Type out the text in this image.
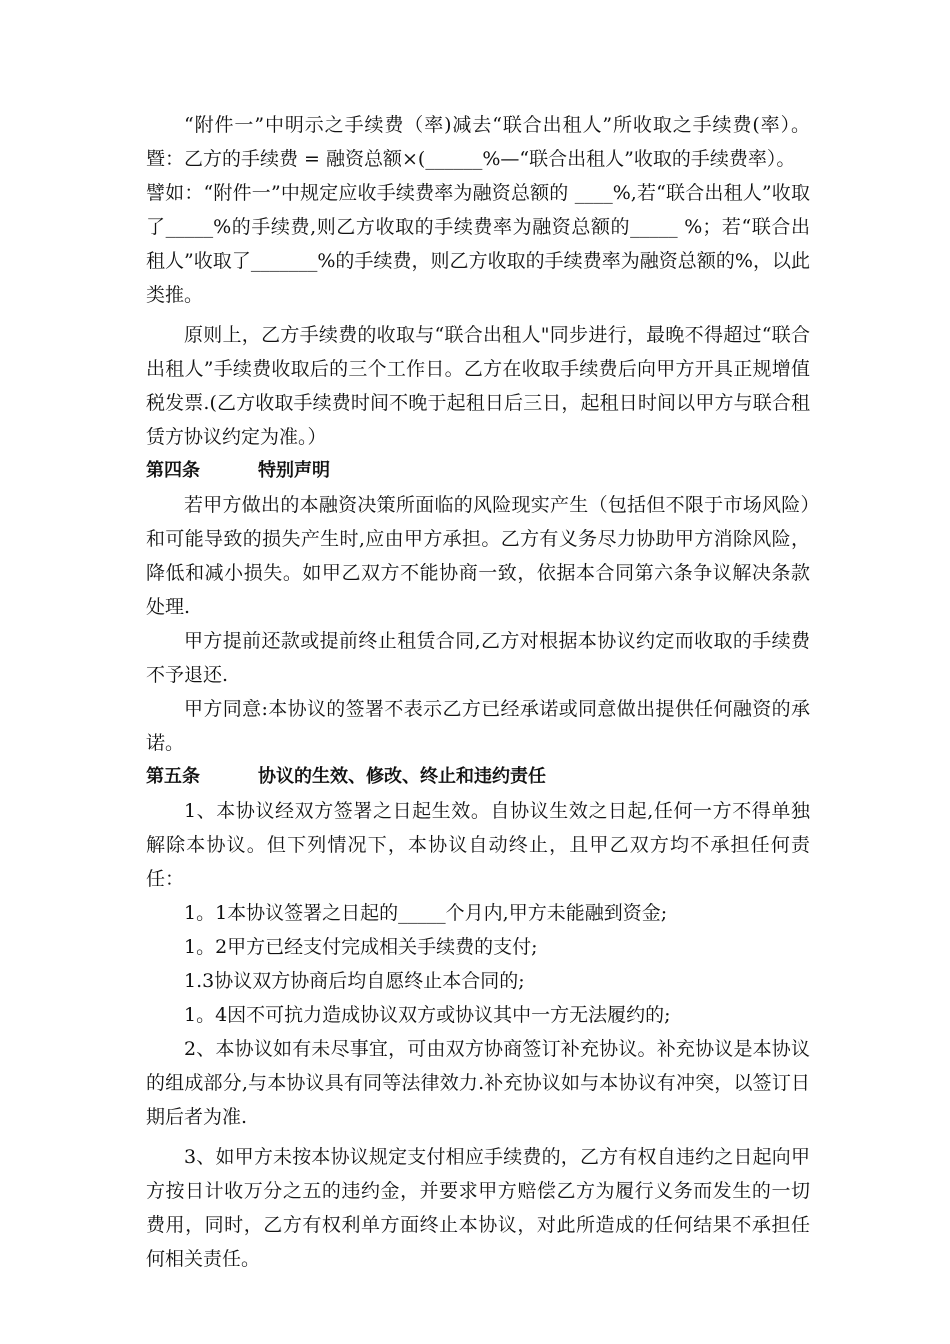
“附件一”中明示之手续费（率)减去“联合出租人”所收取之手续费(率）。暨：乙方的手续费 = 融资总额×(______%—“联合出租人”收取的手续费率）。

譬如：“附件一”中规定应收手续费率为融资总额的 ____%,若“联合出租人”收取了_____%的手续费,则乙方收取的手续费率为融资总额的_____ %；若“联合出租人”收取了_______%的手续费，则乙方收取的手续费率为融资总额的%，以此类推。

原则上，乙方手续费的收取与“联合出租人"同步进行，最晚不得超过“联合出租人”手续费收取后的三个工作日。乙方在收取手续费后向甲方开具正规增值税发票.(乙方收取手续费时间不晚于起租日后三日，起租日时间以甲方与联合租赁方协议约定为准。）

第四条	特别声明

若甲方做出的本融资决策所面临的风险现实产生（包括但不限于市场风险）和可能导致的损失产生时,应由甲方承担。乙方有义务尽力协助甲方消除风险，降低和减小损失。如甲乙双方不能协商一致，依据本合同第六条争议解决条款处理.

甲方提前还款或提前终止租赁合同,乙方对根据本协议约定而收取的手续费不予退还.

甲方同意:本协议的签署不表示乙方已经承诺或同意做出提供任何融资的承诺。

第五条	协议的生效、修改、终止和违约责任

1、本协议经双方签署之日起生效。自协议生效之日起,任何一方不得单独解除本协议。但下列情况下，本协议自动终止，且甲乙双方均不承担任何责任：

1。1本协议签署之日起的_____个月内,甲方未能融到资金;

1。2甲方已经支付完成相关手续费的支付;

1.3协议双方协商后均自愿终止本合同的;

1。4因不可抗力造成协议双方或协议其中一方无法履约的;

2、本协议如有未尽事宜，可由双方协商签订补充协议。补充协议是本协议的组成部分,与本协议具有同等法律效力.补充协议如与本协议有冲突，以签订日期后者为准.

3、如甲方未按本协议规定支付相应手续费的，乙方有权自违约之日起向甲方按日计收万分之五的违约金，并要求甲方赔偿乙方为履行义务而发生的一切费用，同时，乙方有权利单方面终止本协议，对此所造成的任何结果不承担任何相关责任。
